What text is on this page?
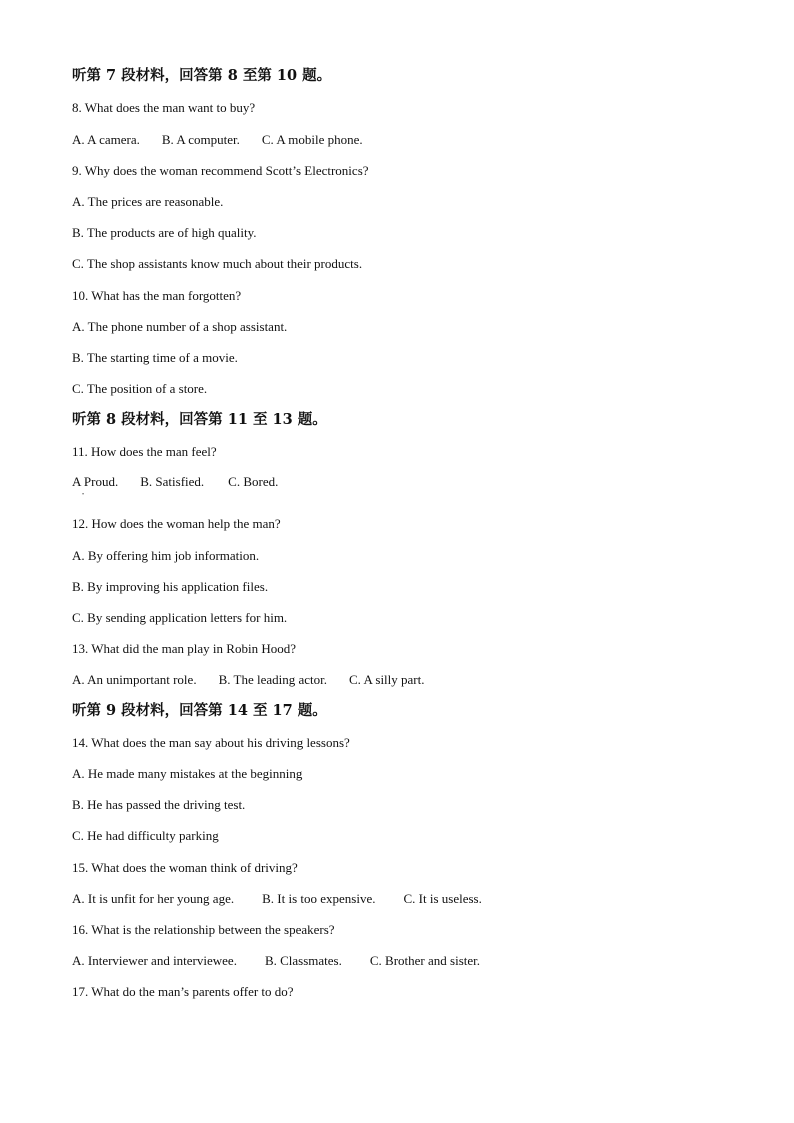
听第 7 段材料，回答第 8 至第 10 题。
8. What does the man want to buy?
A. A camera. B. A computer. C. A mobile phone.
9. Why does the woman recommend Scott’s Electronics?
A. The prices are reasonable.
B. The products are of high quality.
C. The shop assistants know much about their products.
10. What has the man forgotten?
A. The phone number of a shop assistant.
B. The starting time of a movie.
C. The position of a store.
听第 8 段材料，回答第 11 至 13 题。
11. How does the man feel?
A Proud. B. Satisfied. C. Bored.
•
12. How does the woman help the man?
A. By offering him job information.
B. By improving his application files.
C. By sending application letters for him.
13. What did the man play in Robin Hood?
A. An unimportant role. B. The leading actor. C. A silly part.
听第 9 段材料，回答第 14 至 17 题。
14. What does the man say about his driving lessons?
A. He made many mistakes at the beginning
B. He has passed the driving test.
C. He had difficulty parking
15. What does the woman think of driving?
A. It is unfit for her young age. B. It is too expensive. C. It is useless.
16. What is the relationship between the speakers?
A. Interviewer and interviewee. B. Classmates. C. Brother and sister.
17. What do the man’s parents offer to do?
